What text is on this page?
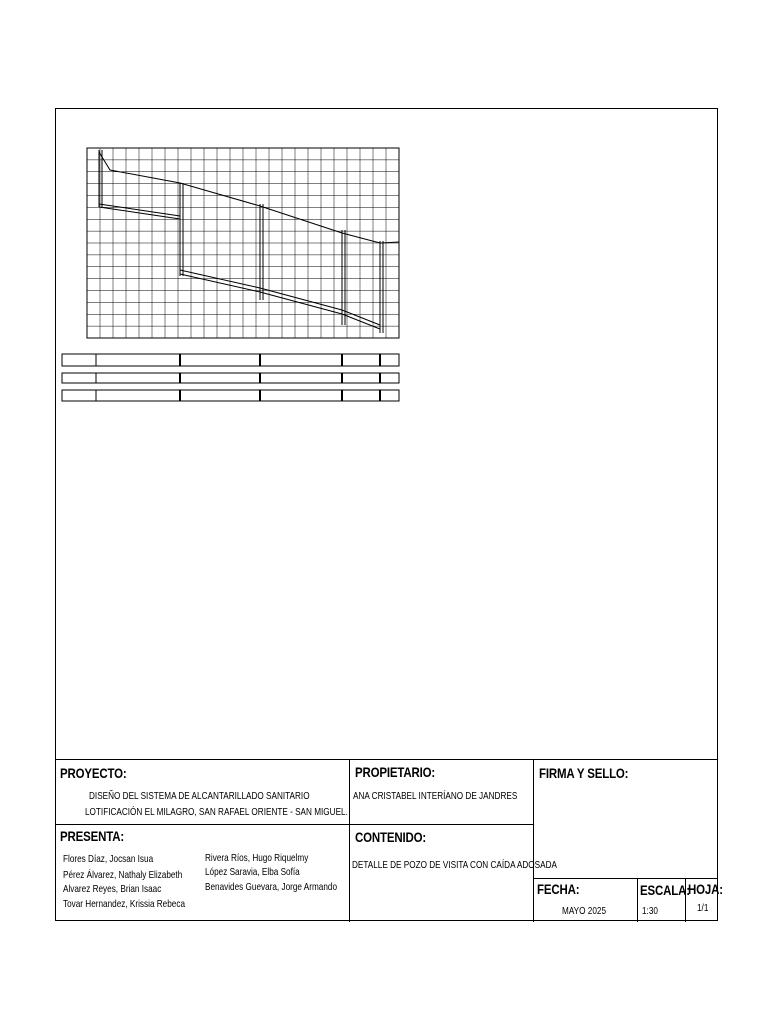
PROYECTO:
DISEÑO DEL SISTEMA DE ALCANTARILLADO SANITARIO
LOTIFICACIÓN EL MILAGRO, SAN RAFAEL ORIENTE - SAN MIGUEL.
PROPIETARIO:
ANA CRISTABEL INTERÍANO DE JANDRES
FIRMA Y SELLO:
PRESENTA:
Flores Díaz, Jocsan Isua
Pérez Álvarez, Nathaly Elizabeth
Alvarez Reyes, Brian Isaac
Tovar Hernandez, Krissia Rebeca
Rivera Ríos, Hugo Riquelmy
López Saravia, Elba Sofía
Benavides Guevara, Jorge Armando
CONTENIDO:
DETALLE DE POZO DE VISITA CON CAÍDA ADOSADA
FECHA:
MAYO 2025
ESCALA:
1:30
HOJA:
1/1
